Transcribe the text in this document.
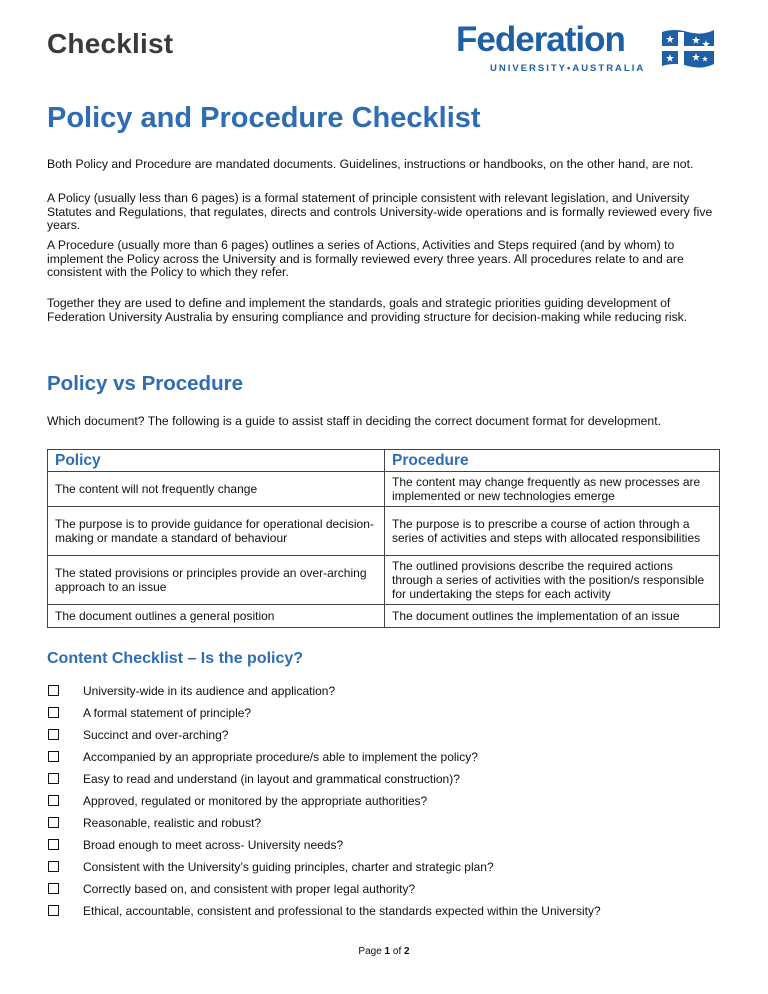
Checklist	Federation
UNIVERSITY•AUSTRALIA
Policy and Procedure Checklist

Both Policy and Procedure are mandated documents. Guidelines, instructions or handbooks, on the other hand, are not.

A Policy (usually less than 6 pages) is a formal statement of principle consistent with relevant legislation, and University Statutes and Regulations, that regulates, directs and controls University-wide operations and is formally reviewed every five years.

A Procedure (usually more than 6 pages) outlines a series of Actions, Activities and Steps required (and by whom) to implement the Policy across the University and is formally reviewed every three years. All procedures relate to and are consistent with the Policy to which they refer.

Together they are used to define and implement the standards, goals and strategic priorities guiding development of Federation University Australia by ensuring compliance and providing structure for decision-making while reducing risk.

Policy vs Procedure

Which document? The following is a guide to assist staff in deciding the correct document format for development.

Policy	Procedure
The content will not frequently change	The content may change frequently as new processes are implemented or new technologies emerge
The purpose is to provide guidance for operational decision-making or mandate a standard of behaviour	The purpose is to prescribe a course of action through a series of activities and steps with allocated responsibilities
The stated provisions or principles provide an over-arching approach to an issue	The outlined provisions describe the required actions through a series of activities with the position/s responsible for undertaking the steps for each activity
The document outlines a general position	The document outlines the implementation of an issue
Content Checklist – Is the policy?
University-wide in its audience and application?
A formal statement of principle?
Succinct and over-arching?
Accompanied by an appropriate procedure/s able to implement the policy?
Easy to read and understand (in layout and grammatical construction)?
Approved, regulated or monitored by the appropriate authorities?
Reasonable, realistic and robust?
Broad enough to meet across- University needs?
Consistent with the University’s guiding principles, charter and strategic plan?
Correctly based on, and consistent with proper legal authority?
Ethical, accountable, consistent and professional to the standards expected within the University?
Page 1 of 2
